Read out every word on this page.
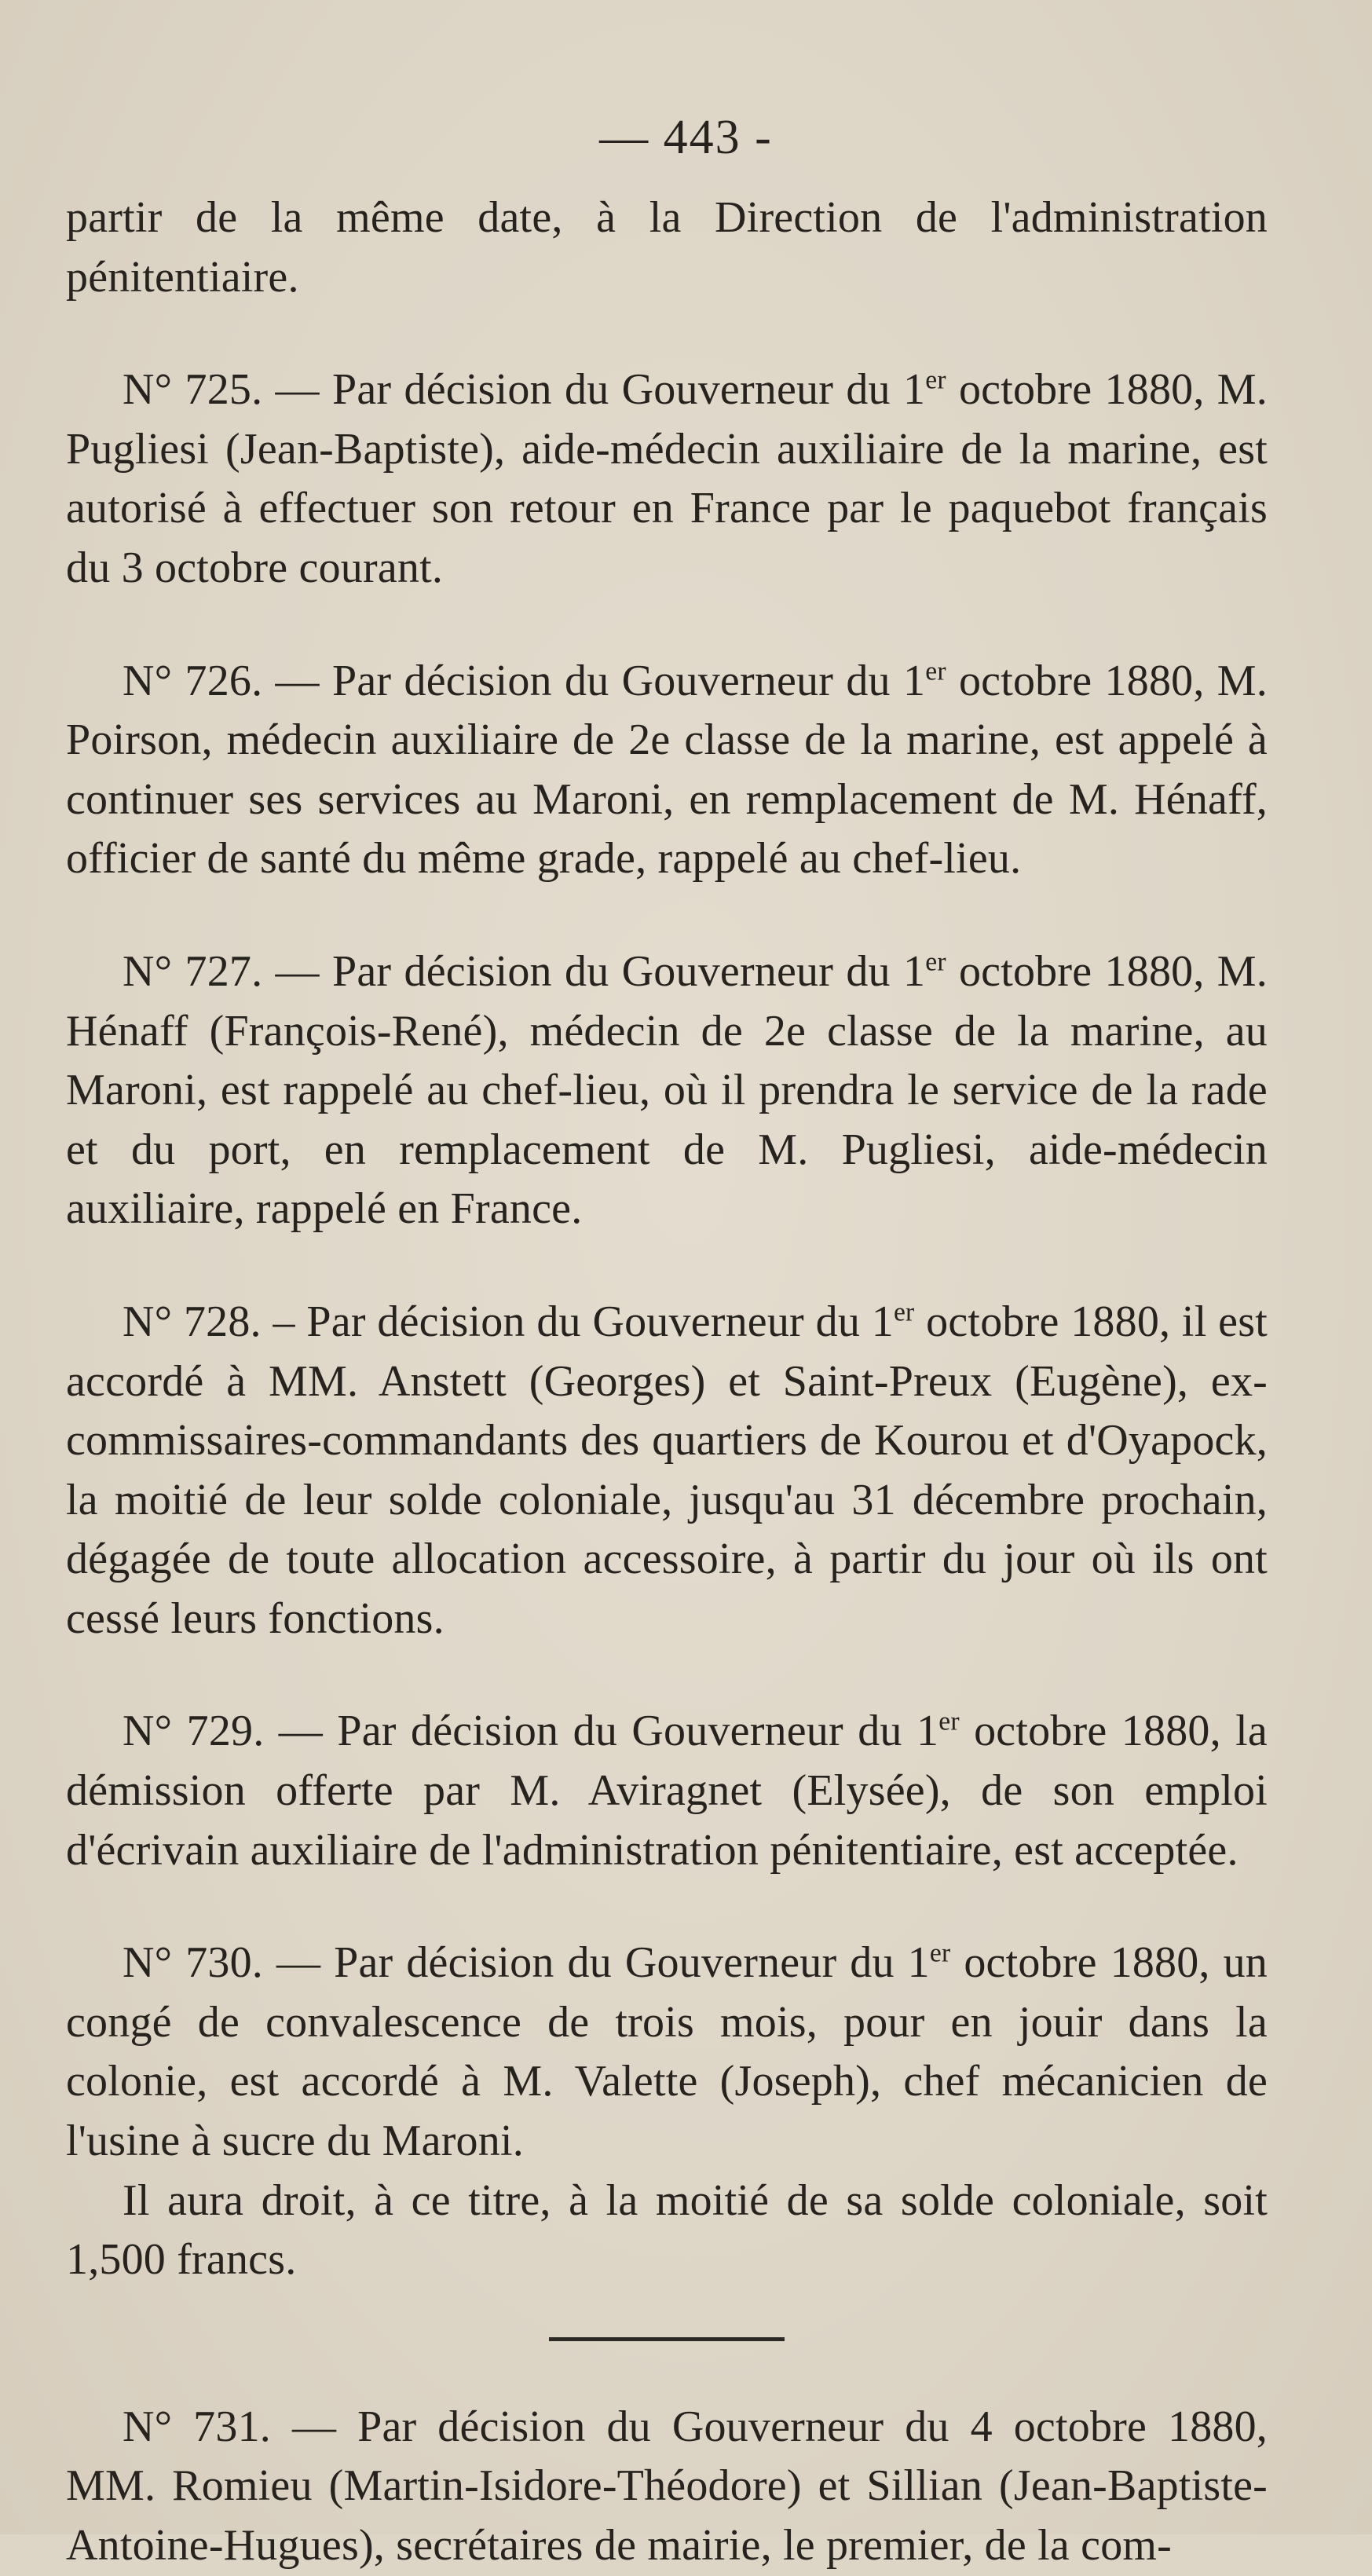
— 443 -

partir de la même date, à la Direction de l'administration pénitentiaire.

N° 725. — Par décision du Gouverneur du 1er octobre 1880, M. Pugliesi (Jean-Baptiste), aide-médecin auxiliaire de la marine, est autorisé à effectuer son retour en France par le paquebot français du 3 octobre courant.

N° 726. — Par décision du Gouverneur du 1er octobre 1880, M. Poirson, médecin auxiliaire de 2e classe de la marine, est appelé à continuer ses services au Maroni, en remplacement de M. Hénaff, officier de santé du même grade, rappelé au chef-lieu.

N° 727. — Par décision du Gouverneur du 1er octobre 1880, M. Hénaff (François-René), médecin de 2e classe de la marine, au Maroni, est rappelé au chef-lieu, où il prendra le service de la rade et du port, en remplacement de M. Pugliesi, aide-médecin auxiliaire, rappelé en France.

N° 728. – Par décision du Gouverneur du 1er octobre 1880, il est accordé à MM. Anstett (Georges) et Saint-Preux (Eugène), ex-commissaires-commandants des quartiers de Kourou et d'Oyapock, la moitié de leur solde coloniale, jusqu'au 31 décembre prochain, dégagée de toute allocation accessoire, à partir du jour où ils ont cessé leurs fonctions.

N° 729. — Par décision du Gouverneur du 1er octobre 1880, la démission offerte par M. Aviragnet (Elysée), de son emploi d'écrivain auxiliaire de l'administration pénitentiaire, est acceptée.

N° 730. — Par décision du Gouverneur du 1er octobre 1880, un congé de convalescence de trois mois, pour en jouir dans la colonie, est accordé à M. Valette (Joseph), chef mécanicien de l'usine à sucre du Maroni.

Il aura droit, à ce titre, à la moitié de sa solde coloniale, soit 1,500 francs.

N° 731. — Par décision du Gouverneur du 4 octobre 1880, MM. Romieu (Martin-Isidore-Théodore) et Sillian (Jean-Baptiste-Antoine-Hugues), secrétaires de mairie, le premier, de la com-
